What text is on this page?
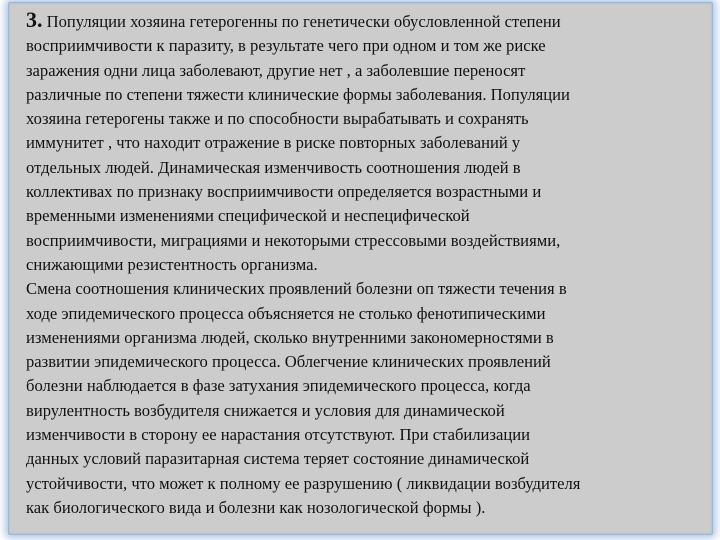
3. Популяции хозяина гетерогенны по генетически обусловленной степени
восприимчивости к паразиту, в результате чего при одном и том же риске
заражения одни лица заболевают, другие нет , а заболевшие переносят
различные по степени тяжести клинические формы заболевания. Популяции
хозяина гетерогены также и по способности вырабатывать и сохранять
иммунитет , что находит отражение в риске повторных заболеваний у
отдельных людей. Динамическая изменчивость соотношения людей в
коллективах по признаку восприимчивости определяется возрастными и
временными изменениями специфической и неспецифической
восприимчивости, миграциями и некоторыми стрессовыми воздействиями,
снижающими резистентность организма.
Смена соотношения клинических проявлений болезни оп тяжести течения в
ходе эпидемического процесса объясняется не столько фенотипическими
изменениями организма людей, сколько внутренними закономерностями в
развитии эпидемического процесса. Облегчение клинических проявлений
болезни наблюдается в фазе затухания эпидемического процесса, когда
вирулентность возбудителя снижается и условия для динамической
изменчивости в сторону ее нарастания отсутствуют. При стабилизации
данных условий паразитарная система теряет состояние динамической
устойчивости, что может к полному ее разрушению ( ликвидации возбудителя
как биологического вида и болезни как нозологической формы ).
